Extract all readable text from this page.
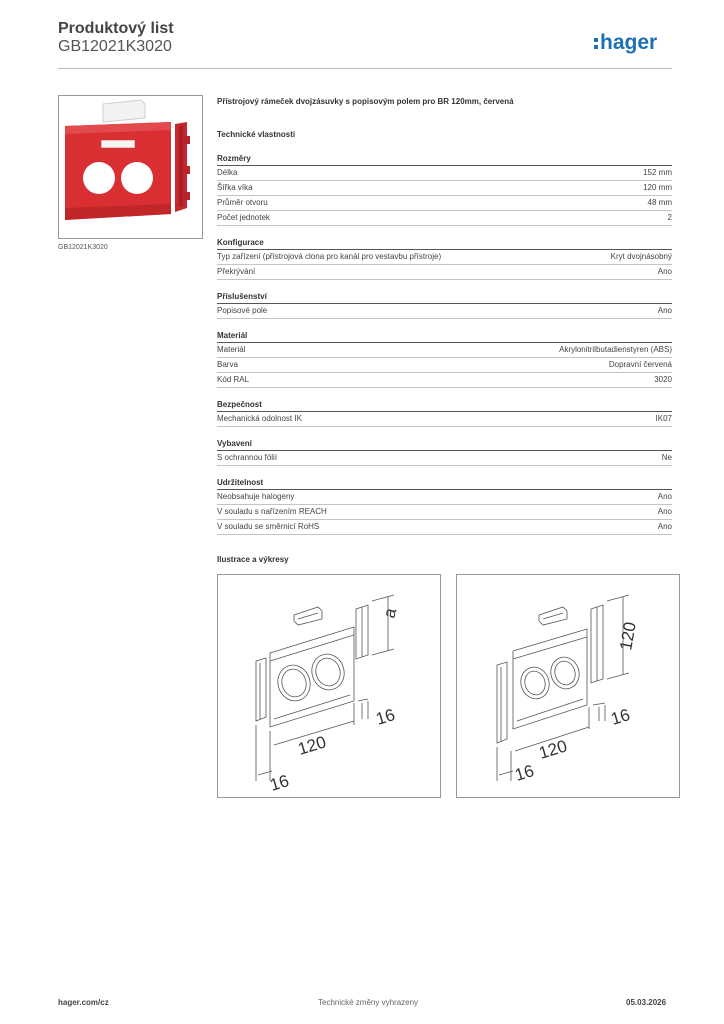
Produktový list
GB12021K3020	hager
GB12021K3020
Přístrojový rámeček dvojzásuvky s popisovým polem pro BR 120mm, červená
Technické vlastnosti
Rozměry
Délka	152 mm
Šířka víka	120 mm
Průměr otvoru	48 mm
Počet jednotek	2
Konfigurace
Typ zařízení (přístrojová clona pro kanál pro vestavbu přístroje)	Kryt dvojnásobný
Překrývání	Ano
Příslušenství
Popisové pole	Ano
Materiál
Materiál	Akrylonitrilbutadienstyren (ABS)
Barva	Dopravní červená
Kód RAL	3020
Bezpečnost
Mechanická odolnost IK	IK07
Vybavení
S ochrannou fólií	Ne
Udržitelnost
Neobsahuje halogeny	Ano
V souladu s nařízením REACH	Ano
V souladu se směrnicí RoHS	Ano
Ilustrace a výkresy
a
120
16
16
120
120
16
16
hager.com/cz	Technické změny vyhrazeny	05.03.2026
